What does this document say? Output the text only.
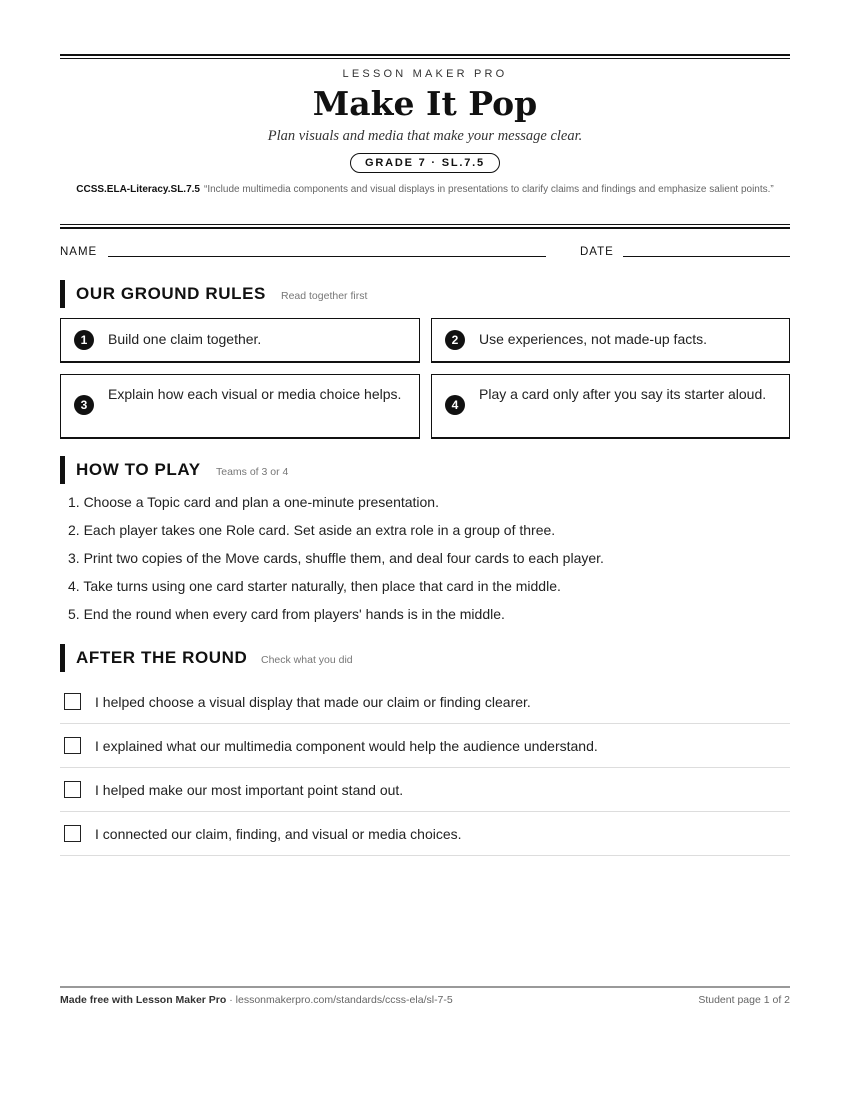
LESSON MAKER PRO
Make It Pop
Plan visuals and media that make your message clear.
GRADE 7 · SL.7.5
CCSS.ELA-Literacy.SL.7.5 “Include multimedia components and visual displays in presentations to clarify claims and findings and emphasize salient points.”
NAME	DATE
OUR GROUND RULES Read together first
1	Build one claim together.	2	Use experiences, not made-up facts.
3
Explain how each visual or media choice helps.
4
Play a card only after you say its starter aloud.
HOW TO PLAY Teams of 3 or 4
1. Choose a Topic card and plan a one-minute presentation.
2. Each player takes one Role card. Set aside an extra role in a group of three.
3. Print two copies of the Move cards, shuffle them, and deal four cards to each player.
4. Take turns using one card starter naturally, then place that card in the middle.
5. End the round when every card from players' hands is in the middle.
AFTER THE ROUND Check what you did
I helped choose a visual display that made our claim or finding clearer.
I explained what our multimedia component would help the audience understand.
I helped make our most important point stand out.
I connected our claim, finding, and visual or media choices.
Made free with Lesson Maker Pro · lessonmakerpro.com/standards/ccss-ela/sl-7-5	Student page 1 of 2
